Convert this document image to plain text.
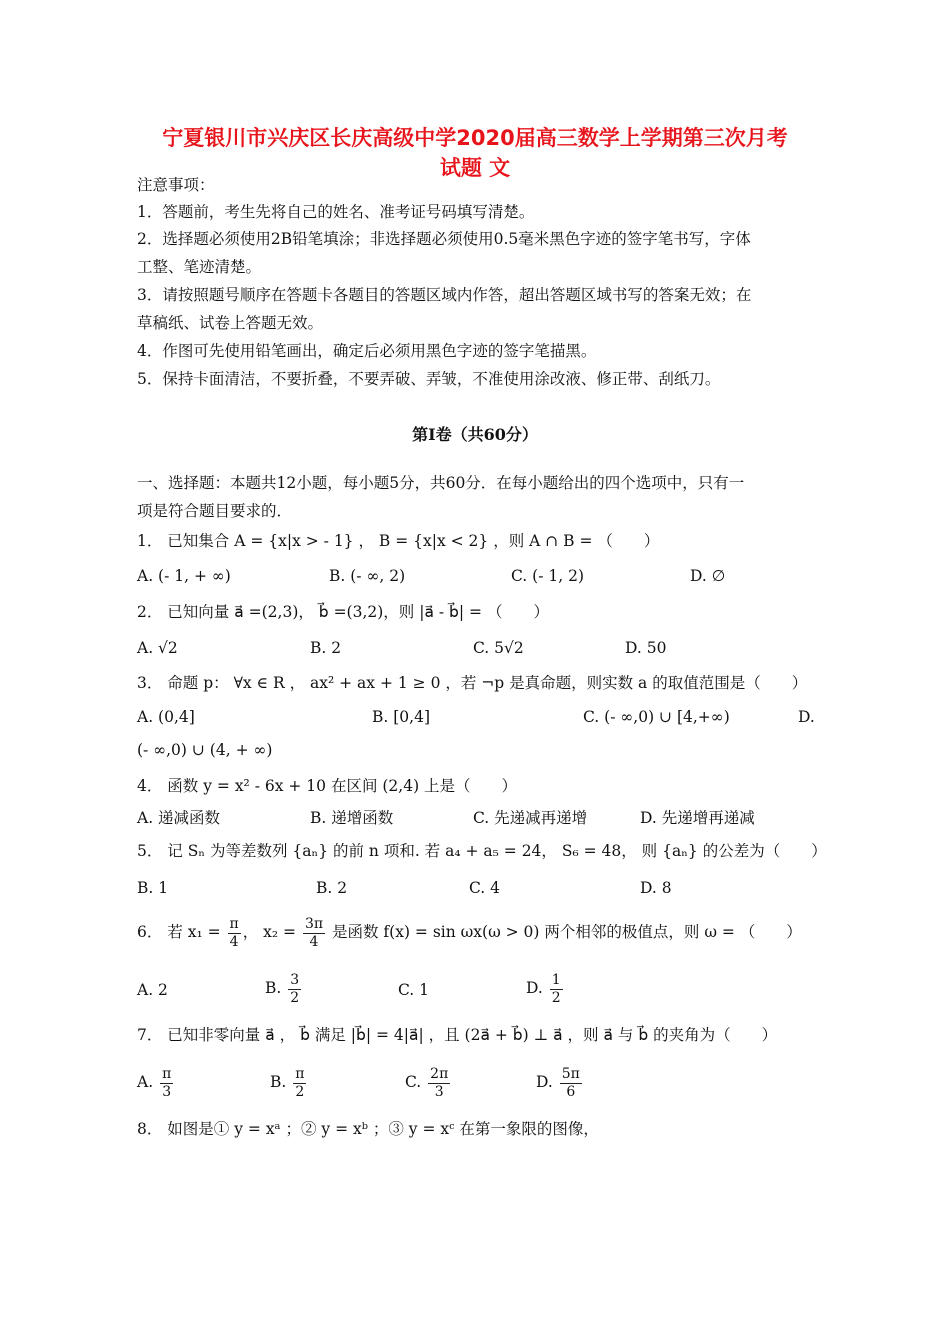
宁夏银川市兴庆区长庆高级中学2020届高三数学上学期第三次月考
试题 文
注意事项：
1．答题前，考生先将自己的姓名、准考证号码填写清楚。
2．选择题必须使用2B铅笔填涂；非选择题必须使用0.5毫米黑色字迹的签字笔书写，字体
工整、笔迹清楚。
3．请按照题号顺序在答题卡各题目的答题区域内作答，超出答题区域书写的答案无效；在
草稿纸、试卷上答题无效。
4．作图可先使用铅笔画出，确定后必须用黑色字迹的签字笔描黑。
5．保持卡面清洁，不要折叠，不要弄破、弄皱，不准使用涂改液、修正带、刮纸刀。
第Ⅰ卷（共60分）
一、选择题：本题共12小题，每小题5分，共60分．在每小题给出的四个选项中，只有一
项是符合题目要求的．
1． 已知集合 A = {x|x > - 1} ， B = {x|x < 2} ，则 A ∩ B = （　　）
A. (- 1, + ∞)	B. (- ∞, 2)	C. (- 1, 2)	D. ∅
2． 已知向量 a⃗ =(2,3)， b⃗ =(3,2)，则 |a⃗ - b⃗| = （　　）
A. √2	B. 2	C. 5√2	D. 50
3． 命题 p： ∀x ∈ R ， ax² + ax + 1 ≥ 0 ，若 ¬p 是真命题，则实数 a 的取值范围是（　　）
A. (0,4]	B. [0,4]	C. (- ∞,0) ∪ [4,+∞)	D.
(- ∞,0) ∪ (4, + ∞)
4． 函数 y = x² - 6x + 10 在区间 (2,4) 上是（　　）
A. 递减函数	B. 递增函数	C. 先递减再递增	D. 先递增再递减
5． 记 Sₙ 为等差数列 {aₙ} 的前 n 项和. 若 a₄ + a₅ = 24， S₆ = 48， 则 {aₙ} 的公差为（　　）
B. 1	B. 2	C. 4	D. 8
6． 若 $x_1 = \frac{\pi}{4}$ ， $x_2 = \frac{3\pi}{4}$ 是函数 f(x) = sin ωx(ω > 0) 两个相邻的极值点，则 ω = （　　）
A. 2	B. $\frac{3}{2}$	C. 1	D. $\frac{1}{2}$
7． 已知非零向量 a⃗ ， b⃗ 满足 |b⃗| = 4|a⃗| ，且 (2a⃗ + b⃗) ⊥ a⃗ ，则 a⃗ 与 b⃗ 的夹角为（　　）
A. $\frac{\pi}{3}$	B. $\frac{\pi}{2}$	C. $\frac{2\pi}{3}$	D. $\frac{5\pi}{6}$
8． 如图是① y = xᵃ ；② y = xᵇ ；③ y = xᶜ 在第一象限的图像，
